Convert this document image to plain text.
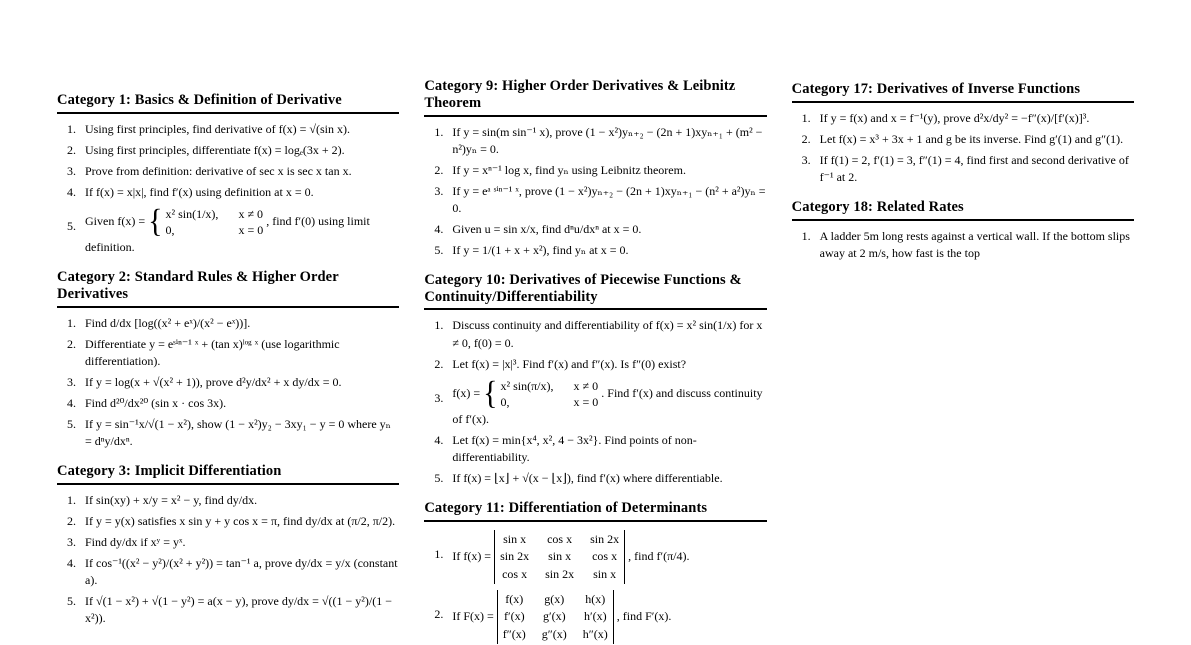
Category 1: Basics & Definition of Derivative
1. Using first principles, find derivative of f(x) = √(sin x).
2. Using first principles, differentiate f(x) = logₑ(3x + 2).
3. Prove from definition: derivative of sec x is sec x tan x.
4. If f(x) = x|x|, find f′(x) using definition at x = 0.
5. Given f(x) = { x² sin(1/x), x ≠ 0
0,	x = 0
, find f′(0) using limit definition.
Category 2: Standard Rules & Higher Order Derivatives
1. Find d/dx [log((x² + eˣ)/(x² − eˣ))].
2. Differentiate y = eˢⁱⁿ⁻¹ ˣ + (tan x)ˡᵒᵍ ˣ (use logarithmic differentiation).
3. If y = log(x + √(x² + 1)), prove d²y/dx² + x dy/dx = 0.
4. Find d²⁰/dx²⁰ (sin x · cos 3x).
5. If y = sin⁻¹x/√(1 − x²), show (1 − x²)y₂ − 3xy₁ − y = 0 where yₙ = dⁿy/dxⁿ.
Category 3: Implicit Differentiation
1. If sin(xy) + x/y = x² − y, find dy/dx.
2. If y = y(x) satisfies x sin y + y cos x = π, find dy/dx at (π/2, π/2).
3. Find dy/dx if xʸ = yˣ.
4. If cos⁻¹((x² − y²)/(x² + y²)) = tan⁻¹ a, prove dy/dx = y/x (constant a).
5. If √(1 − x²) + √(1 − y²) = a(x − y), prove dy/dx = √((1 − y²)/(1 − x²)).
Category 9: Higher Order Derivatives & Leibnitz Theorem
1. If y = sin(m sin⁻¹ x), prove (1 − x²)yₙ₊₂ − (2n + 1)xyₙ₊₁ + (m² − n²)yₙ = 0.
2. If y = xⁿ⁻¹ log x, find yₙ using Leibnitz theorem.
3. If y = eᵃ ˢⁱⁿ⁻¹ ˣ, prove (1 − x²)yₙ₊₂ − (2n + 1)xyₙ₊₁ − (n² + a²)yₙ = 0.
4. Given u = sin x/x, find dⁿu/dxⁿ at x = 0.
5. If y = 1/(1 + x + x²), find yₙ at x = 0.
Category 10: Derivatives of Piecewise Functions & Continuity/Differentiability
1. Discuss continuity and differentiability of f(x) = x² sin(1/x) for x ≠ 0, f(0) = 0.
2. Let f(x) = |x|³. Find f′(x) and f″(x). Is f″(0) exist?
3. f(x) = { x² sin(π/x), x ≠ 0
0,	x = 0
. Find f′(x) and discuss continuity of f′(x).
4. Let f(x) = min{x⁴, x², 4 − 3x²}. Find points of non-differentiability.
5. If f(x) = ⌊x⌋ + √(x − ⌊x⌋), find f′(x) where differentiable.
Category 11: Differentiation of Determinants
1. If f(x) =
sin x cos x sin 2x
sin 2x sin x cos x
cos x sin 2x sin x
, find f′(π/4).
2. If F(x) =
f(x) g(x) h(x)
f′(x) g′(x) h′(x)
f″(x) g″(x) h″(x)
, find F′(x).
Category 17: Derivatives of Inverse Functions
1. If y = f(x) and x = f⁻¹(y), prove d²x/dy² = −f″(x)/[f′(x)]³.
2. Let f(x) = x³ + 3x + 1 and g be its inverse. Find g′(1) and g″(1).
3. If f(1) = 2, f′(1) = 3, f″(1) = 4, find first and second derivative of f⁻¹ at 2.
Category 18: Related Rates
1. A ladder 5m long rests against a vertical wall. If the bottom slips away at 2 m/s, how fast is the top
